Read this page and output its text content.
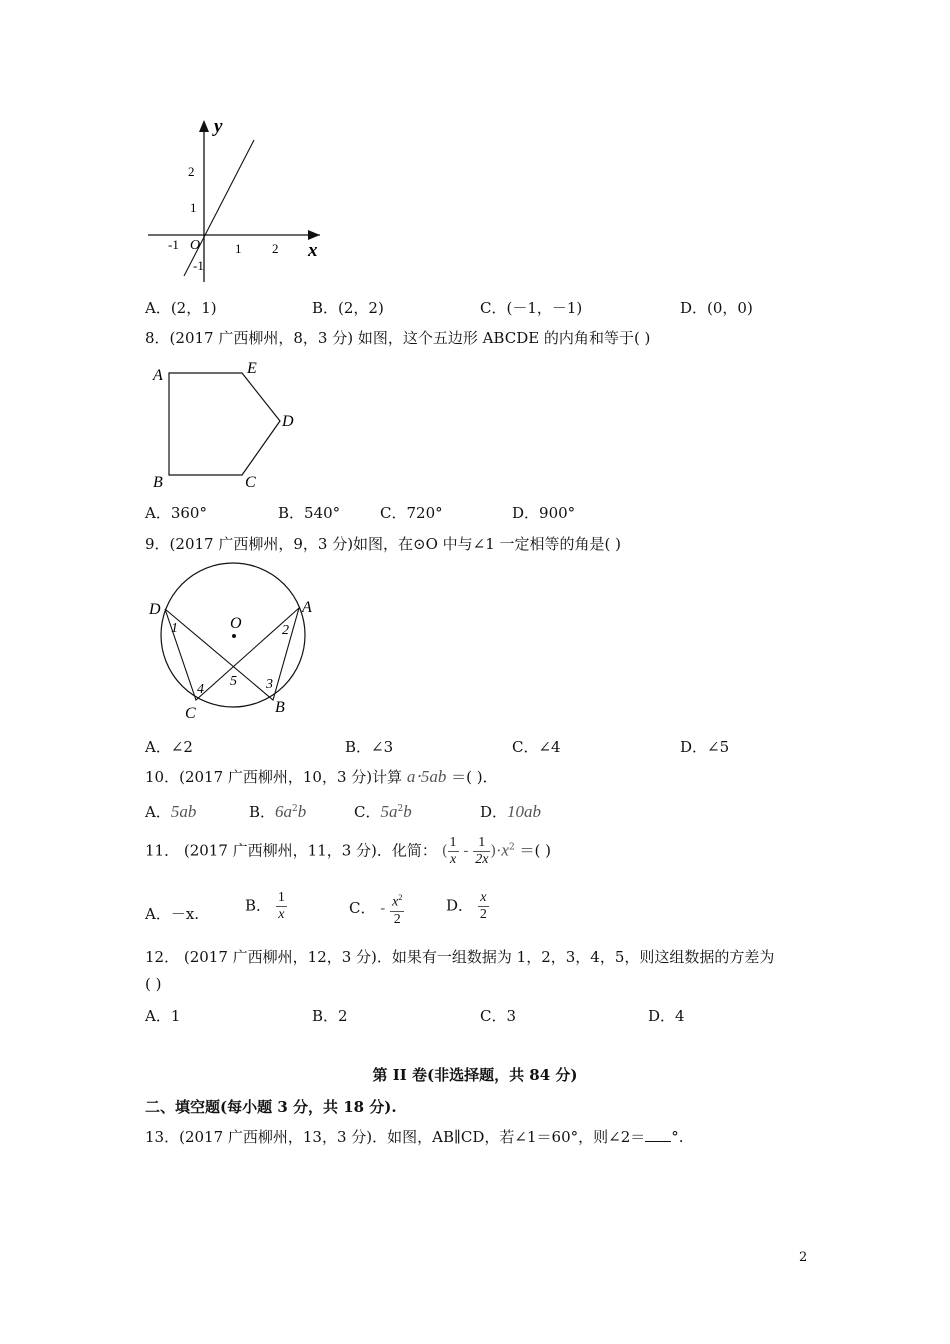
y
x
2
1
-1 O
-1
1 2
A．(2，1)	B．(2，2)	C．(－1，－1)	D．(0，0)
8．(2017 广西柳州，8，3 分) 如图，这个五边形 ABCDE 的内角和等于( )
A	E
D
B	C
A．360°	B．540°	C．720°	D．900°
9．(2017 广西柳州，9，3 分)如图，在⊙O 中与∠1 一定相等的角是( )
D	A
C	B
O
1	2
3
4
5
A．∠2	B．∠3	C．∠4	D．∠5
10．(2017 广西柳州，10，3 分)计算 a⋅5ab ＝( )．
A．5ab	B．$6a^2b$	C．$5a^2b$	D．10ab
11． (2017 广西柳州，11，3 分)．化简： ( $\frac{1}{x} - \frac{1}{2x} )\cdot x^2$ ＝( )
A．－x.	B． $\frac{1}{x}$	C． - $\frac{x^2}{2}$	D． $\frac{x}{2}$
12． (2017 广西柳州，12，3 分)．如果有一组数据为 1，2，3，4，5，则这组数据的方差为
( )
A．1	B．2	C．3	D．4
第 II 卷(非选择题，共 84 分)
二、填空题(每小题 3 分，共 18 分).
13．(2017 广西柳州，13，3 分)．如图，AB∥CD，若∠1＝60°，则∠2＝ °.
2
